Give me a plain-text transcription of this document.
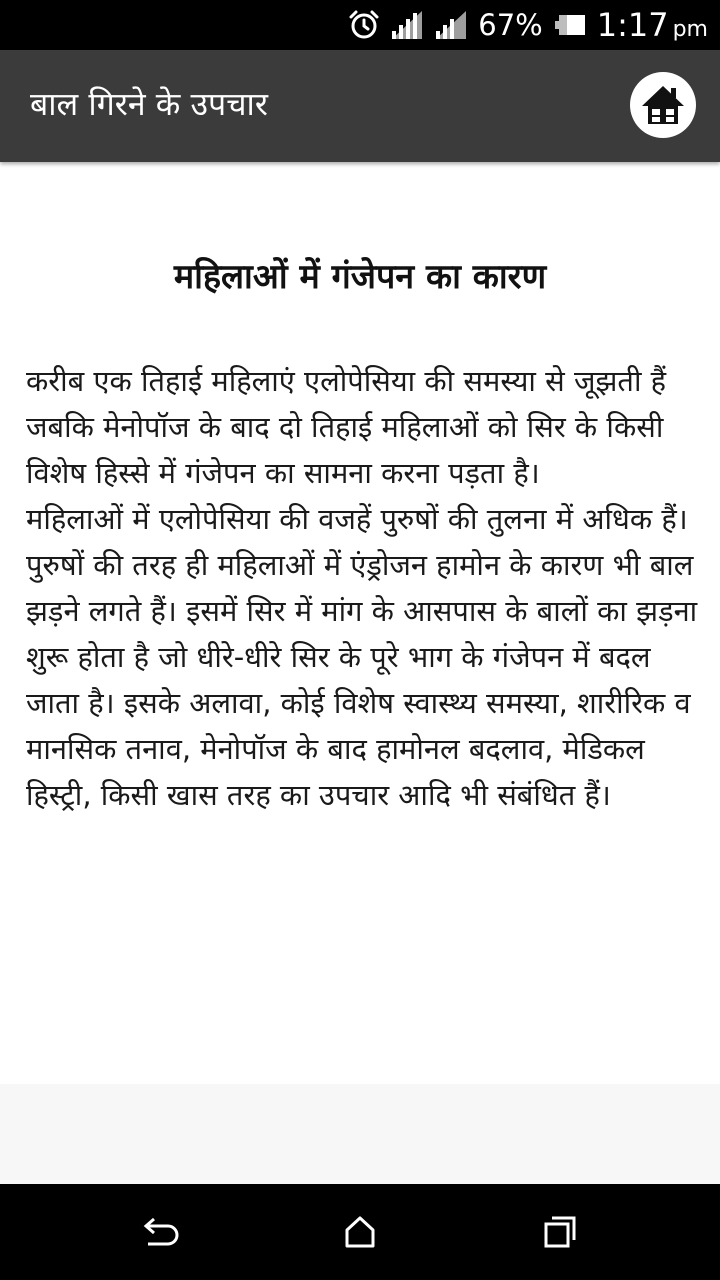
67% 1:17 pm
बाल गिरने के उपचार
महिलाओं में गंजेपन का कारण

करीब एक तिहाई महिलाएं एलोपेसिया की समस्या से जूझती हैं जबकि मेनोपॉज के बाद दो तिहाई महिलाओं को सिर के किसी विशेष हिस्से में गंजेपन का सामना करना पड़ता है।

महिलाओं में एलोपेसिया की वजहें पुरुषों की तुलना में अधिक हैं। पुरुषों की तरह ही महिलाओं में एंड्रोजन हामोन के कारण भी बाल झड़ने लगते हैं। इसमें सिर में मांग के आसपास के बालों का झड़ना शुरू होता है जो धीरे-धीरे सिर के पूरे भाग के गंजेपन में बदल जाता है। इसके अलावा, कोई विशेष स्वास्थ्य समस्या, शारीरिक व मानसिक तनाव, मेनोपॉज के बाद हामोनल बदलाव, मेडिकल हिस्ट्री, किसी खास तरह का उपचार आदि भी संबंधित हैं।
